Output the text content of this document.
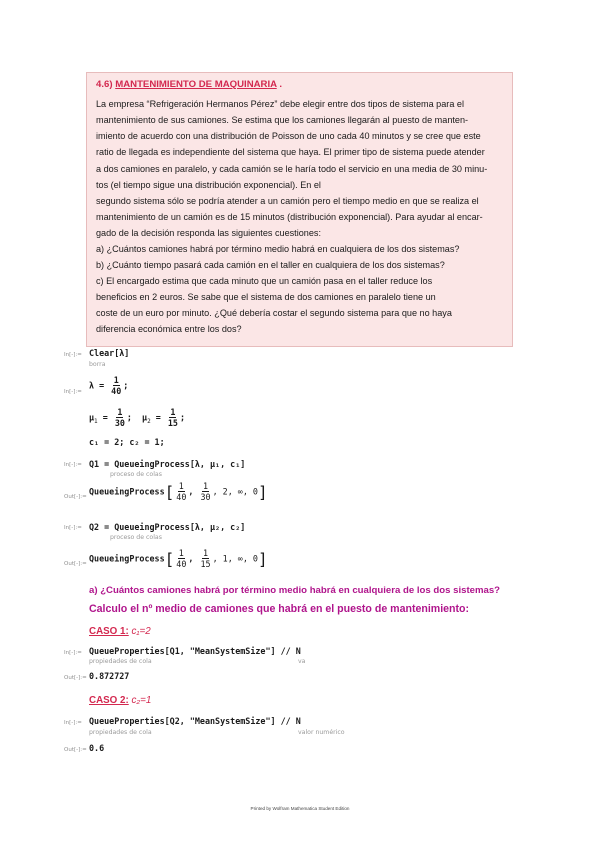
4.6) MANTENIMIENTO DE MAQUINARIA .
La empresa “Refrigeración Hermanos Pérez” debe elegir entre dos tipos de sistema para el
mantenimiento de sus camiones. Se estima que los camiones llegarán al puesto de manten-
imiento de acuerdo con una distribución de Poisson de uno cada 40 minutos y se cree que este
ratio de llegada es independiente del sistema que haya. El primer tipo de sistema puede atender
a dos camiones en paralelo, y cada camión se le haría todo el servicio en una media de 30 minu-
tos (el tiempo sigue una distribución exponencial). En el
segundo sistema sólo se podría atender a un camión pero el tiempo medio en que se realiza el
mantenimiento de un camión es de 15 minutos (distribución exponencial). Para ayudar al encar-
gado de la decisión responda las siguientes cuestiones:
a) ¿Cuántos camiones habrá por término medio habrá en cualquiera de los dos sistemas?
b) ¿Cuánto tiempo pasará cada camión en el taller en cualquiera de los dos sistemas?
c) El encargado estima que cada minuto que un camión pasa en el taller reduce los
beneficios en 2 euros. Se sabe que el sistema de dos camiones en paralelo tiene un
coste de un euro por minuto. ¿Qué debería costar el segundo sistema para que no haya
diferencia económica entre los dos?
In[-]:= Clear[λ]
borra
In[-]:=
$\lambda = \frac{1}{40}$ ;
$\mu_1 = \frac{1}{30}$ ;  $\mu_2 = \frac{1}{15}$ ;
c₁ = 2; c₂ = 1;
In[-]:= Q1 = QueueingProcess[λ, μ₁, c₁]
proceso de colas
Out[-]:=
QueueingProcess[ $\frac{1}{40}$ , $\frac{1}{30}$ , 2, ∞, 0]
In[-]:= Q2 = QueueingProcess[λ, μ₂, c₂]
proceso de colas
Out[-]:=
QueueingProcess[ $\frac{1}{40}$ , $\frac{1}{15}$ , 1, ∞, 0]
a) ¿Cuántos camiones habrá por término medio habrá en cualquiera de los dos sistemas?
Calculo el nº medio de camiones que habrá en el puesto de mantenimiento:
CASO 1: c₁=2
In[-]:= QueueProperties[Q1, "MeanSystemSize"] // N
propiedades de cola	va
Out[-]:= 0.872727
CASO 2: c₂=1
In[-]:= QueueProperties[Q2, "MeanSystemSize"] // N
propiedades de cola	valor numérico
Out[-]:= 0.6
Printed by Wolfram Mathematica Student Edition
